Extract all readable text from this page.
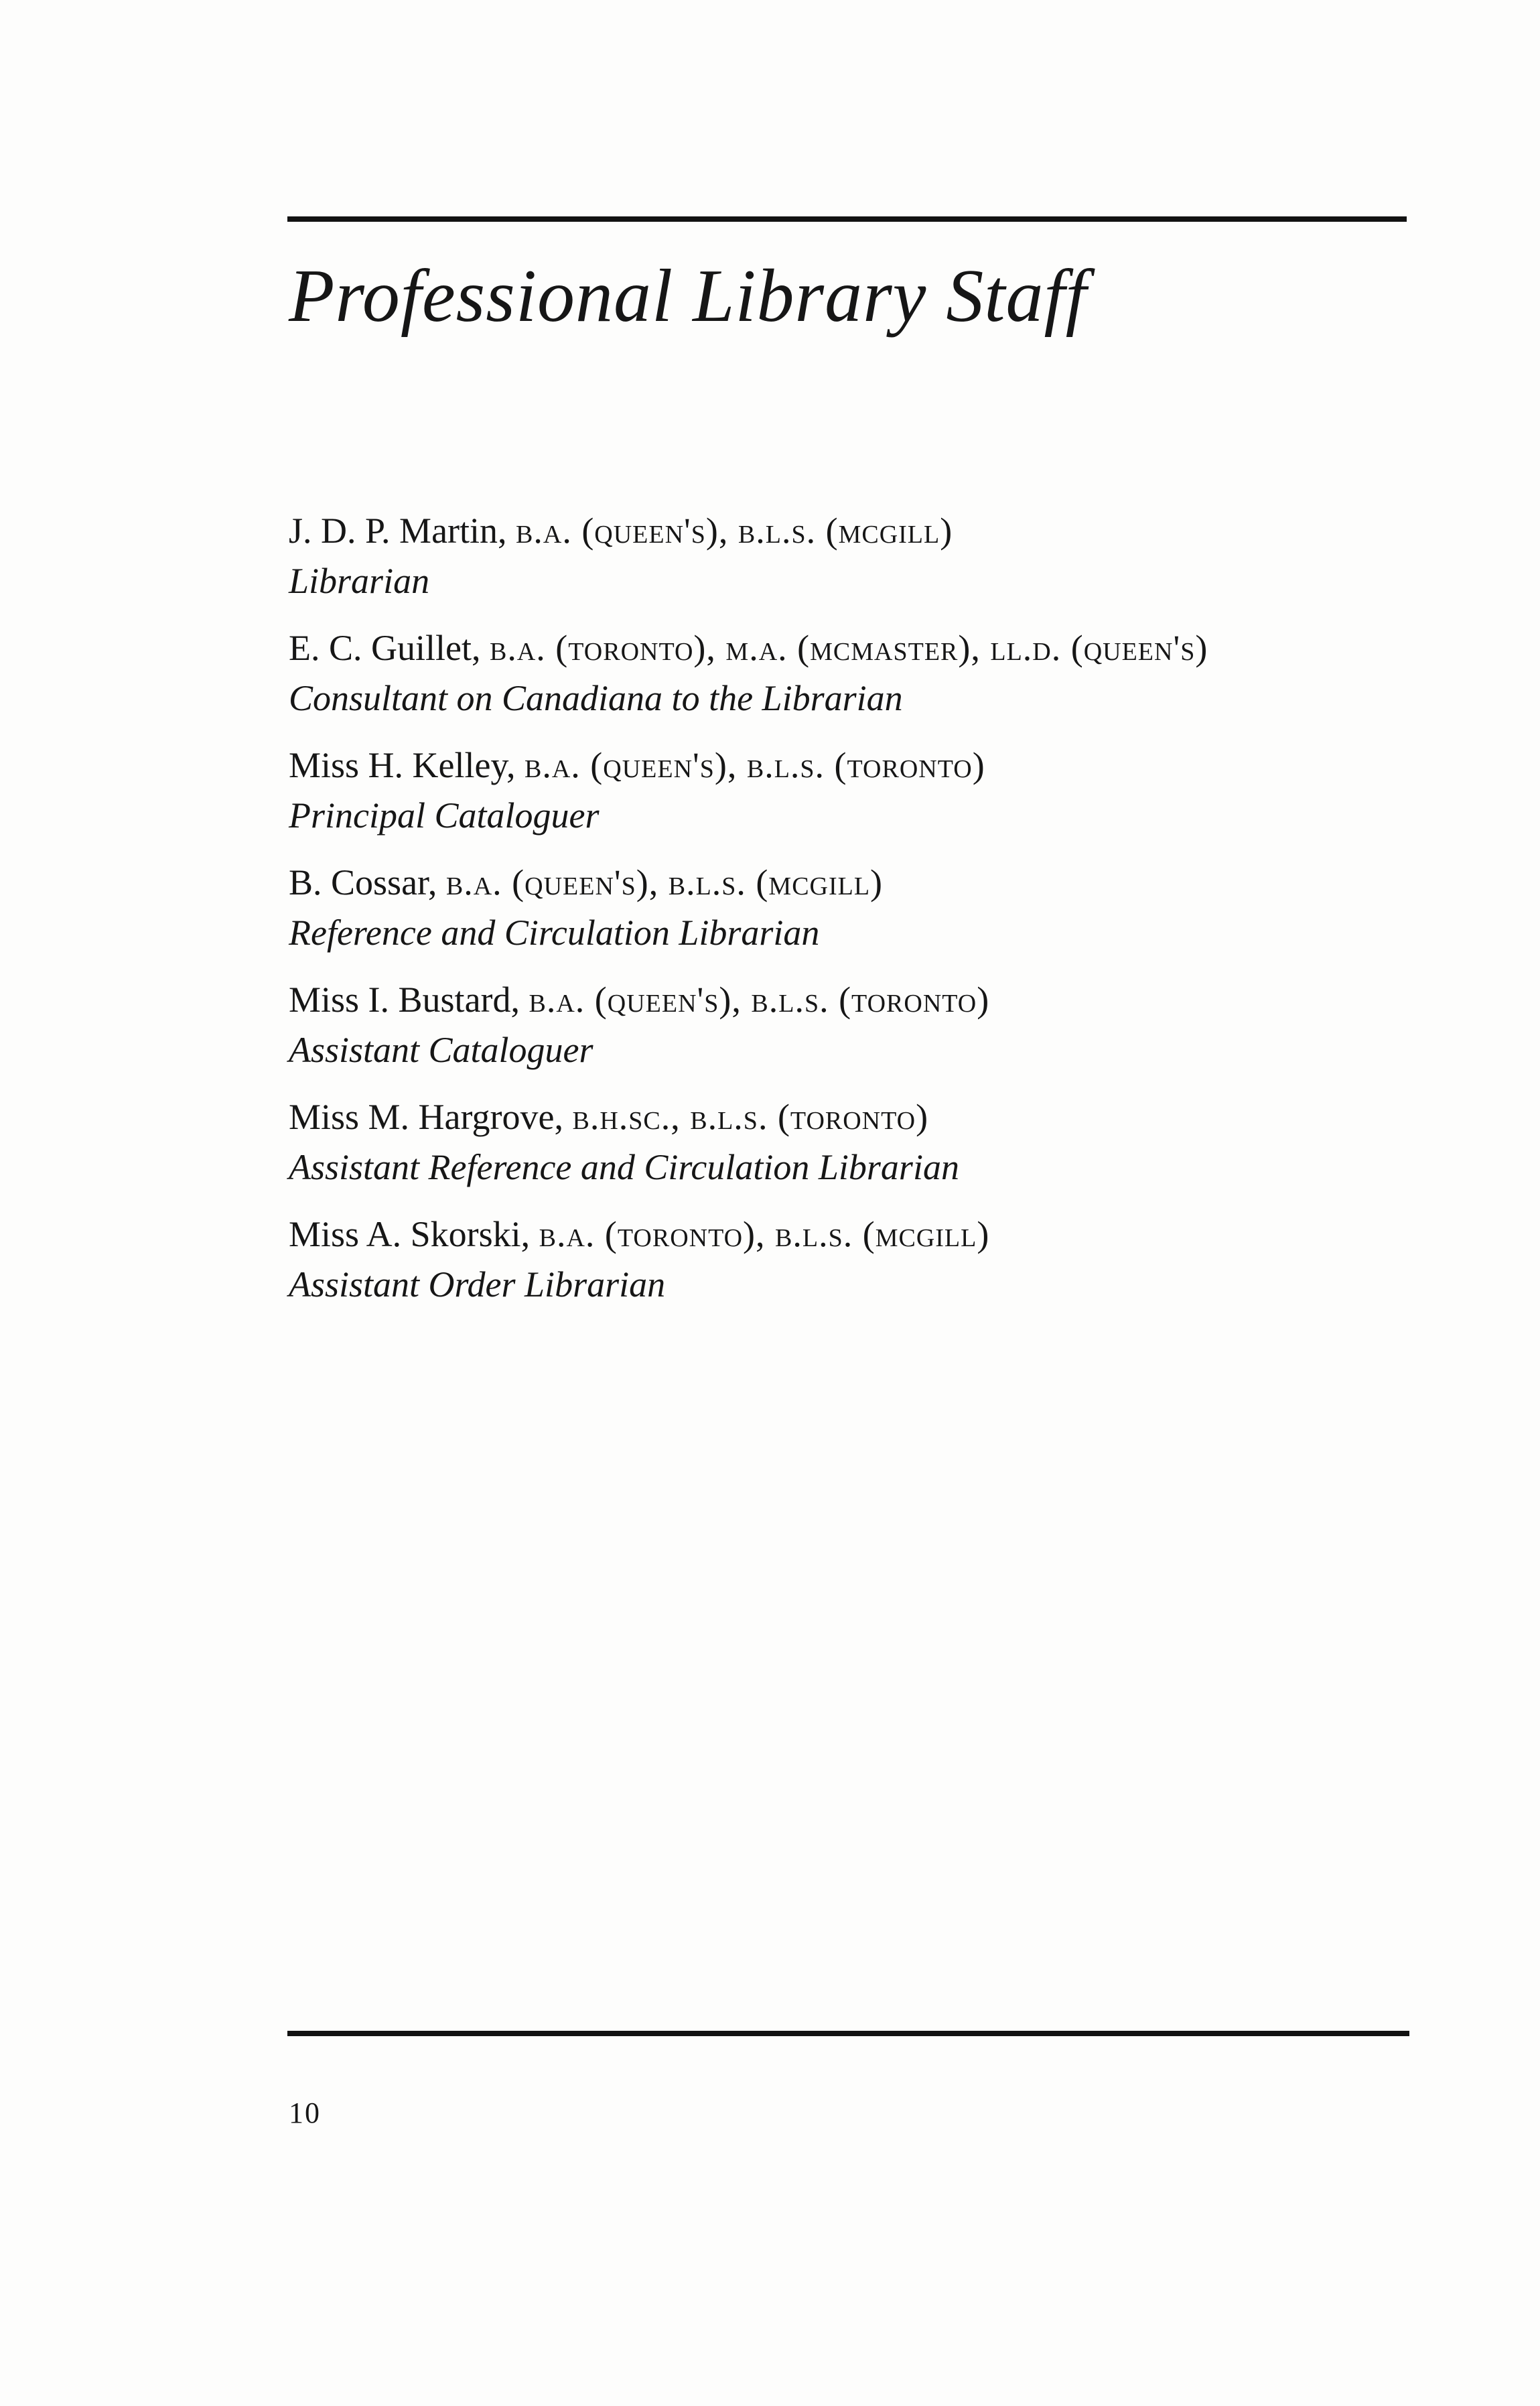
Professional Library Staff
J. D. P. Martin, b.a. (queen's), b.l.s. (mcgill)
Librarian
E. C. Guillet, b.a. (toronto), m.a. (mcmaster), ll.d. (queen's)
Consultant on Canadiana to the Librarian
Miss H. Kelley, b.a. (queen's), b.l.s. (toronto)
Principal Cataloguer
B. Cossar, b.a. (queen's), b.l.s. (mcgill)
Reference and Circulation Librarian
Miss I. Bustard, b.a. (queen's), b.l.s. (toronto)
Assistant Cataloguer
Miss M. Hargrove, b.h.sc., b.l.s. (toronto)
Assistant Reference and Circulation Librarian
Miss A. Skorski, b.a. (toronto), b.l.s. (mcgill)
Assistant Order Librarian
10
